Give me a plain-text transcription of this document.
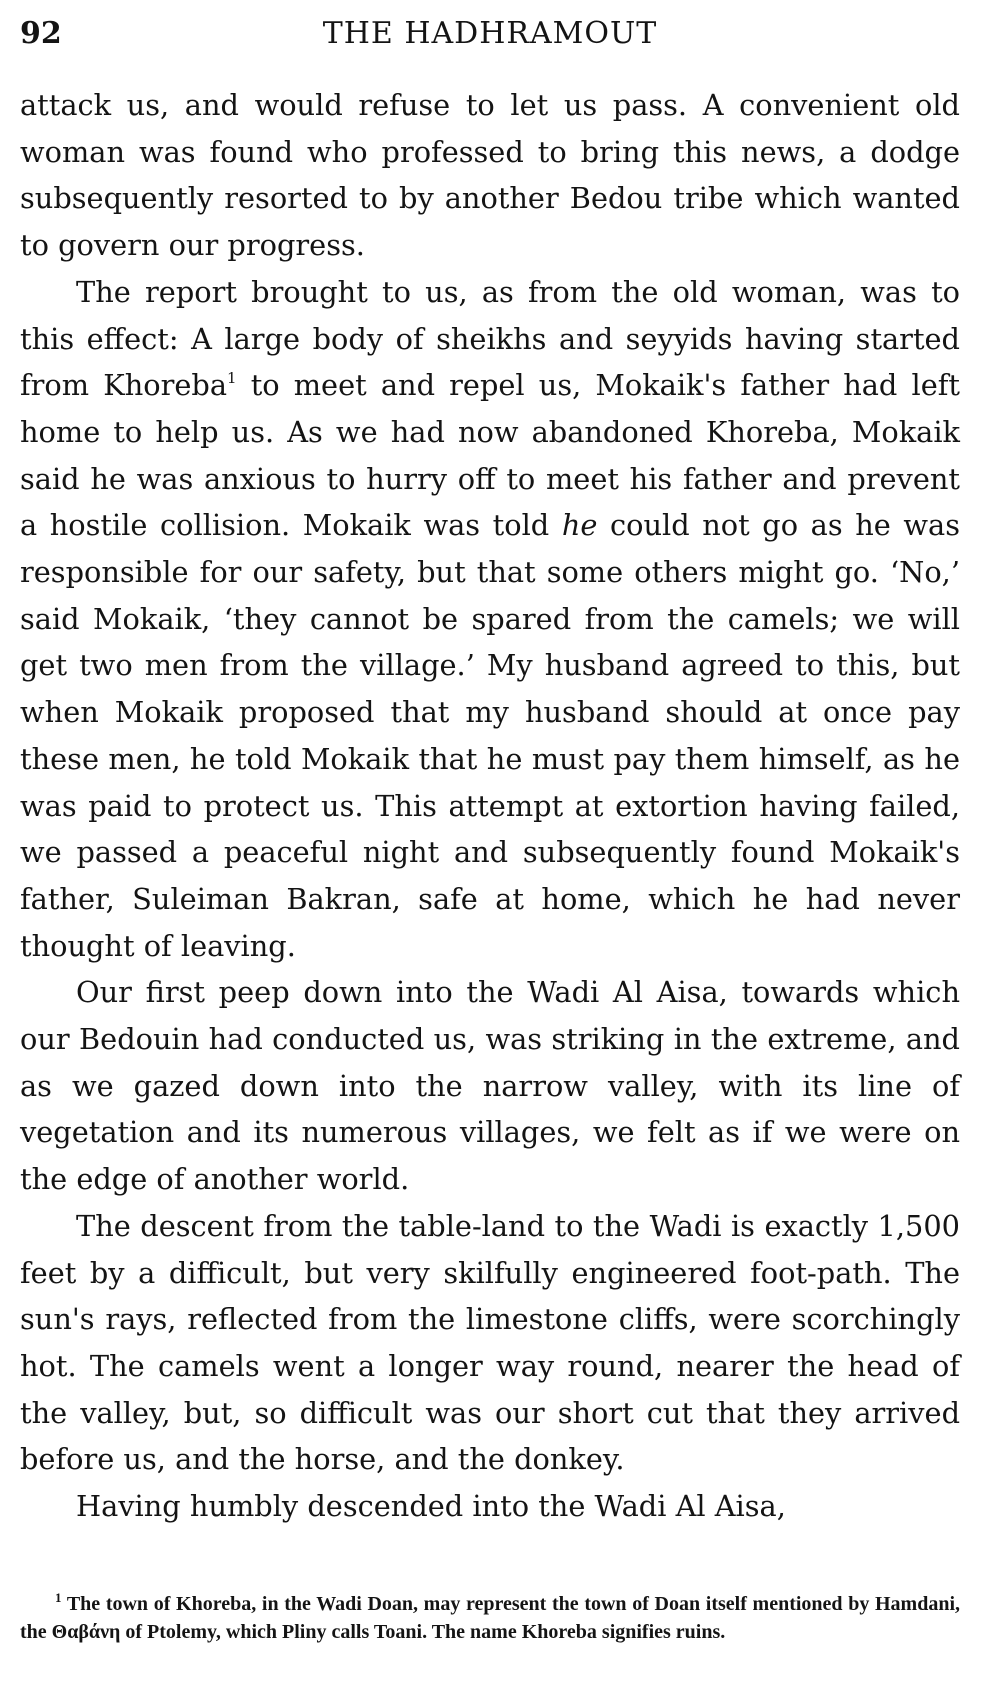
92	THE HADHRAMOUT

attack us, and would refuse to let us pass. A convenient old woman was found who professed to bring this news, a dodge subsequently resorted to by another Bedou tribe which wanted to govern our progress.

The report brought to us, as from the old woman, was to this effect: A large body of sheikhs and seyyids having started from Khoreba$^1$ to meet and repel us, Mokaik's father had left home to help us. As we had now abandoned Khoreba, Mokaik said he was anxious to hurry off to meet his father and prevent a hostile collision. Mokaik was told he could not go as he was responsible for our safety, but that some others might go. ‘No,’ said Mokaik, ‘they cannot be spared from the camels; we will get two men from the village.’ My husband agreed to this, but when Mokaik proposed that my husband should at once pay these men, he told Mokaik that he must pay them himself, as he was paid to protect us. This attempt at extortion having failed, we passed a peaceful night and subsequently found Mokaik's father, Suleiman Bakran, safe at home, which he had never thought of leaving.

Our first peep down into the Wadi Al Aisa, towards which our Bedouin had conducted us, was striking in the extreme, and as we gazed down into the narrow valley, with its line of vegetation and its numerous villages, we felt as if we were on the edge of another world.

The descent from the table-land to the Wadi is exactly 1,500 feet by a difficult, but very skilfully engineered foot-path. The sun's rays, reflected from the limestone cliffs, were scorchingly hot. The camels went a longer way round, nearer the head of the valley, but, so difficult was our short cut that they arrived before us, and the horse, and the donkey.

Having humbly descended into the Wadi Al Aisa,

$^1$ The town of Khoreba, in the Wadi Doan, may represent the town of Doan itself mentioned by Hamdani, the Θαβάνη of Ptolemy, which Pliny calls Toani. The name Khoreba signifies ruins.
